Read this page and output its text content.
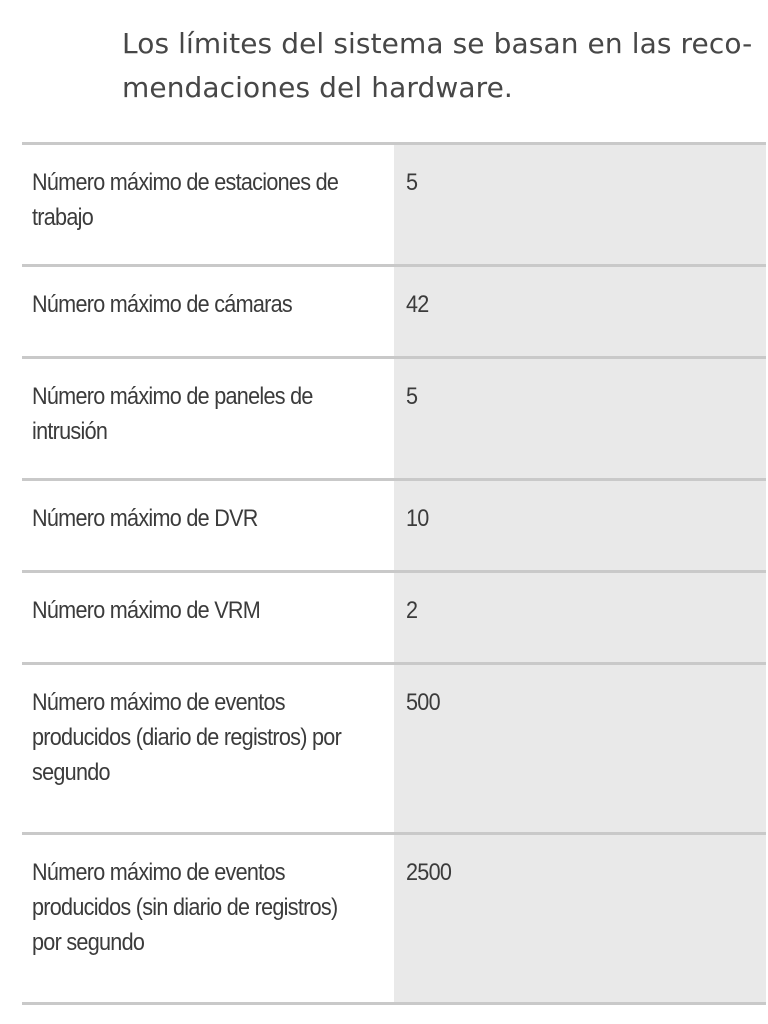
Los límites del sistema se basan en las reco-
mendaciones del hardware.

Número máximo de estaciones de
trabajo	5

Número máximo de cámaras	42

Número máximo de paneles de
intrusión	5

Número máximo de DVR	10

Número máximo de VRM	2

Número máximo de eventos
producidos (diario de registros) por
segundo	500

Número máximo de eventos
producidos (sin diario de registros)
por segundo	2500
